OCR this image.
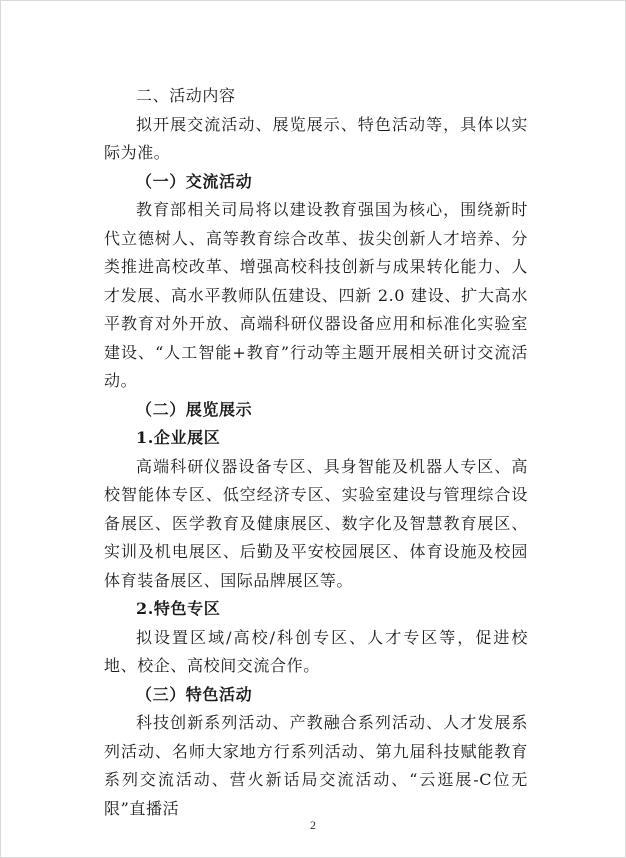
二、活动内容

拟开展交流活动、展览展示、特色活动等，具体以实际为准。

（一）交流活动

教育部相关司局将以建设教育强国为核心，围绕新时代立德树人、高等教育综合改革、拔尖创新人才培养、分类推进高校改革、增强高校科技创新与成果转化能力、人才发展、高水平教师队伍建设、四新 2.0 建设、扩大高水平教育对外开放、高端科研仪器设备应用和标准化实验室建设、“人工智能+教育”行动等主题开展相关研讨交流活动。

（二）展览展示

1.企业展区

高端科研仪器设备专区、具身智能及机器人专区、高校智能体专区、低空经济专区、实验室建设与管理综合设备展区、医学教育及健康展区、数字化及智慧教育展区、实训及机电展区、后勤及平安校园展区、体育设施及校园体育装备展区、国际品牌展区等。

2.特色专区

拟设置区域/高校/科创专区、人才专区等，促进校地、校企、高校间交流合作。

（三）特色活动

科技创新系列活动、产教融合系列活动、人才发展系列活动、名师大家地方行系列活动、第九届科技赋能教育系列交流活动、营火新话局交流活动、“云逛展-C位无限”直播活

2
